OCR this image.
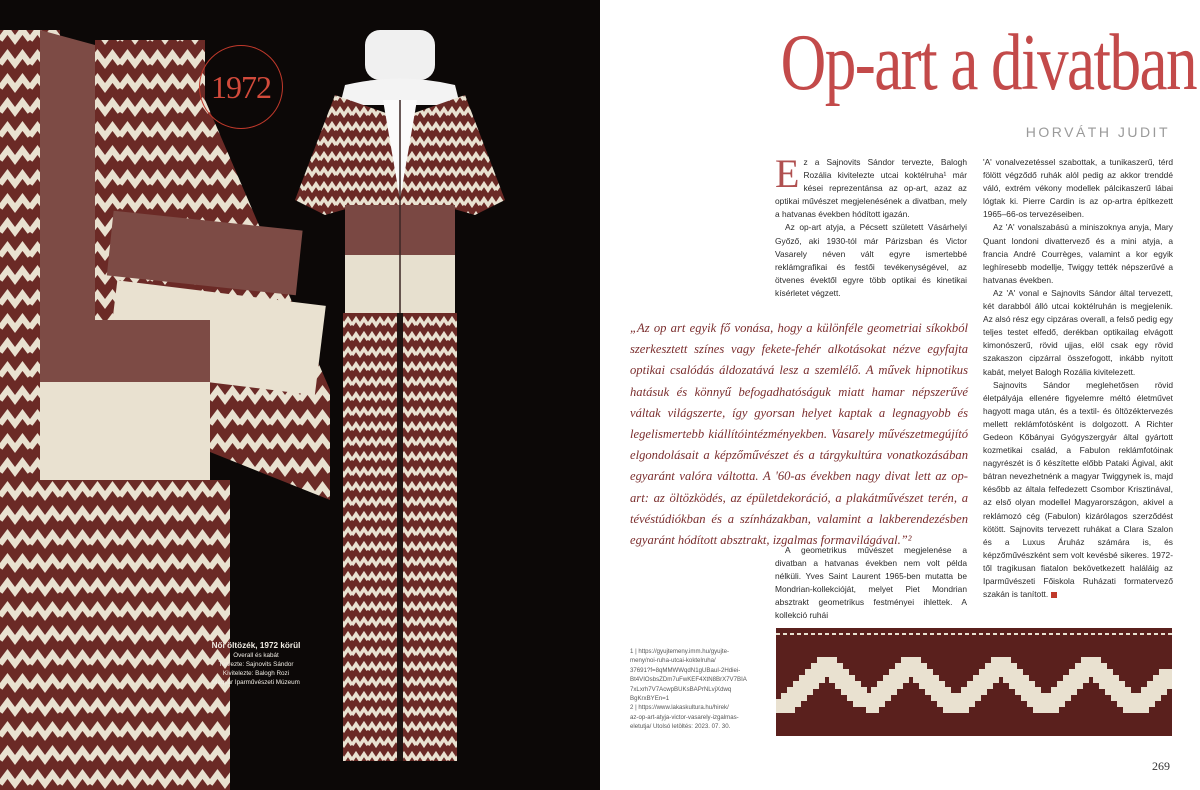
1972
Női öltözék, 1972 körül
Overall és kabát
Tervezte: Sajnovits Sándor
Kivitelezte: Balogh Rozi
Magyar Iparművészeti Múzeum
Op-art a divatban
HORVÁTH JUDIT
E z a Sajnovits Sándor tervezte, Balogh Rozália kivitelezte utcai koktélruha¹ már kései reprezentánsa az op-art, azaz az optikai művészet megjelenésének a divatban, mely a hatvanas években hódított igazán.

Az op-art atyja, a Pécsett született Vásárhelyi Győző, aki 1930-tól már Párizsban és Victor Vasarely néven vált egyre ismertebbé reklámgrafikai és festői tevékenységével, az ötvenes évektől egyre több optikai és kinetikai kísérletet végzett.

„Az op art egyik fő vonása, hogy a különféle geometriai síkokból szerkesztett színes vagy fekete-fehér alkotásokat nézve egyfajta optikai csalódás áldozatává lesz a szemlélő. A művek hipnotikus hatásuk és könnyű befogadhatóságuk miatt hamar népszerűvé váltak világszerte, így gyorsan helyet kaptak a legnagyobb és legelismertebb kiállítóintézményekben. Vasarely művészetmegújító elgondolásait a képzőművészet és a tárgykultúra vonatkozásában egyaránt valóra váltotta. A '60-as években nagy divat lett az op-art: az öltözködés, az épületdekoráció, a plakátművészet terén, a tévéstúdiókban és a színházakban, valamint a lakberendezésben egyaránt hódított absztrakt, izgalmas formavilágával.”²

A geometrikus művészet megjelenése a divatban a hatvanas években nem volt példa nélküli. Yves Saint Laurent 1965-ben mutatta be Mondrian-kollekcióját, melyet Piet Mondrian absztrakt geometrikus festményei ihlettek. A kollekció ruhái

'A' vonalvezetéssel szabottak, a tunikaszerű, térd fölött végződő ruhák alól pedig az akkor trenddé váló, extrém vékony modellek pálcikaszerű lábai lógtak ki. Pierre Cardin is az op-artra építkezett 1965–66-os tervezéseiben.

Az 'A' vonalszabású a miniszoknya anyja, Mary Quant londoni divattervező és a mini atyja, a francia André Courrèges, valamint a kor egyik leghíresebb modellje, Twiggy tették népszerűvé a hatvanas években.

Az 'A' vonal e Sajnovits Sándor által tervezett, két darabból álló utcai koktélruhán is megjelenik. Az alsó rész egy cipzáras overall, a felső pedig egy teljes testet elfedő, derékban optikailag elvágott kimonószerű, rövid ujjas, elöl csak egy rövid szakaszon cipzárral összefogott, inkább nyitott kabát, melyet Balogh Rozália kivitelezett.

Sajnovits Sándor meglehetősen rövid életpályája ellenére figyelemre méltó életművet hagyott maga után, és a textil- és öltözéktervezés mellett reklámfotósként is dolgozott. A Richter Gedeon Kőbányai Gyógyszergyár által gyártott kozmetikai család, a Fabulon reklámfotóinak nagyrészét is ő készítette előbb Pataki Ágival, akit bátran nevezhetnénk a magyar Twiggynek is, majd később az általa felfedezett Csombor Krisztinával, az első olyan modellel Magyarországon, akivel a reklámozó cég (Fabulon) kizárólagos szerződést kötött. Sajnovits tervezett ruhákat a Clara Szalon és a Luxus Áruház számára is, és képzőművészként sem volt kevésbé sikeres. 1972-től tragikusan fiatalon bekövetkezett haláláig az Iparművészeti Főiskola Ruházati formatervező szakán is tanított.

1 | https://gyujtemeny.imm.hu/gyujte-
meny/noi-ruha-utcai-koktelruha/
37691?f=8qMMWWqdN1gUBauI-2Hdiei-
Bt4VIOsbsZDm7uFwKEF4XtN8BrX7V7BIA
7xLxrh7V7AcwpBUKsBAPrNLvjXdwq
BgKrxBYEn=1
2 | https://www.lakaskultura.hu/hirek/
az-op-art-atyja-victor-vasarely-izgalmas-
eletutja/ Utolsó letöltés: 2023. 07. 30.
269
